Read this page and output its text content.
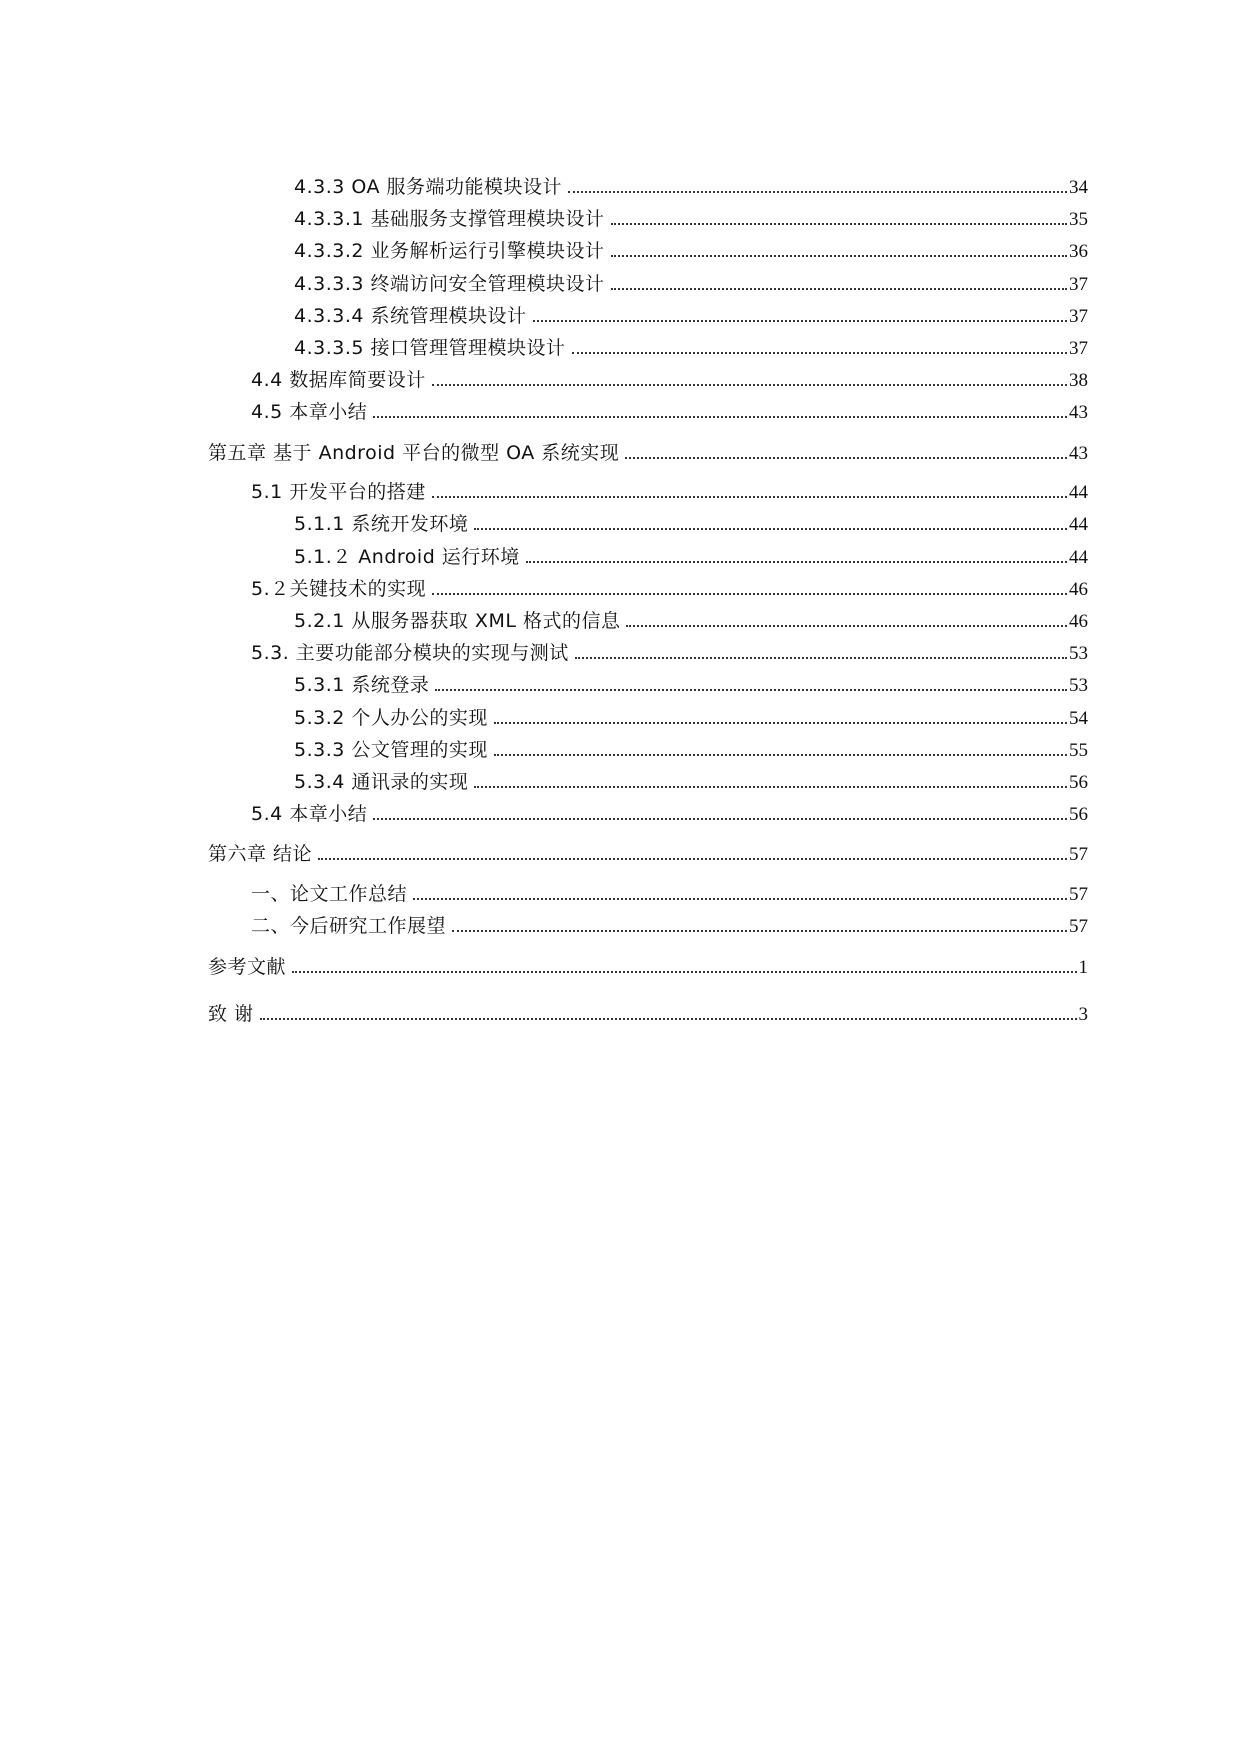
4.3.3 OA 服务端功能模块设计	34
4.3.3.1 基础服务支撑管理模块设计	35
4.3.3.2 业务解析运行引擎模块设计	36
4.3.3.3 终端访问安全管理模块设计	37
4.3.3.4 系统管理模块设计	37
4.3.3.5 接口管理管理模块设计	37
4.4 数据库简要设计	38
4.5 本章小结	43
第五章 基于 Android 平台的微型 OA 系统实现	43
5.1 开发平台的搭建	44
5.1.1 系统开发环境	44
5.1.２ Android 运行环境	44
5.２关键技术的实现	46
5.2.1 从服务器获取 XML 格式的信息	46
5.3. 主要功能部分模块的实现与测试	53
5.3.1 系统登录	53
5.3.2 个人办公的实现	54
5.3.3 公文管理的实现	55
5.3.4 通讯录的实现	56
5.4 本章小结	56
第六章 结论	57
一、论文工作总结	57
二、今后研究工作展望	57
参考文献	1
致 谢	3
